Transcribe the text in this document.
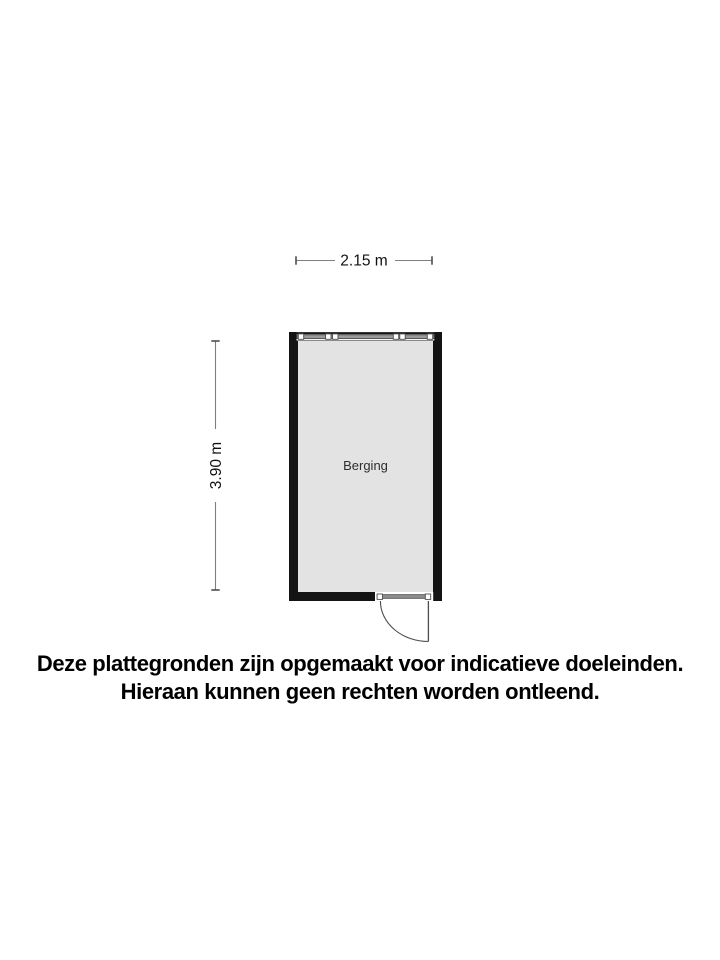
2.15 m
3.90 m	Berging
Deze plattegronden zijn opgemaakt voor indicatieve doeleinden.
Hieraan kunnen geen rechten worden ontleend.
